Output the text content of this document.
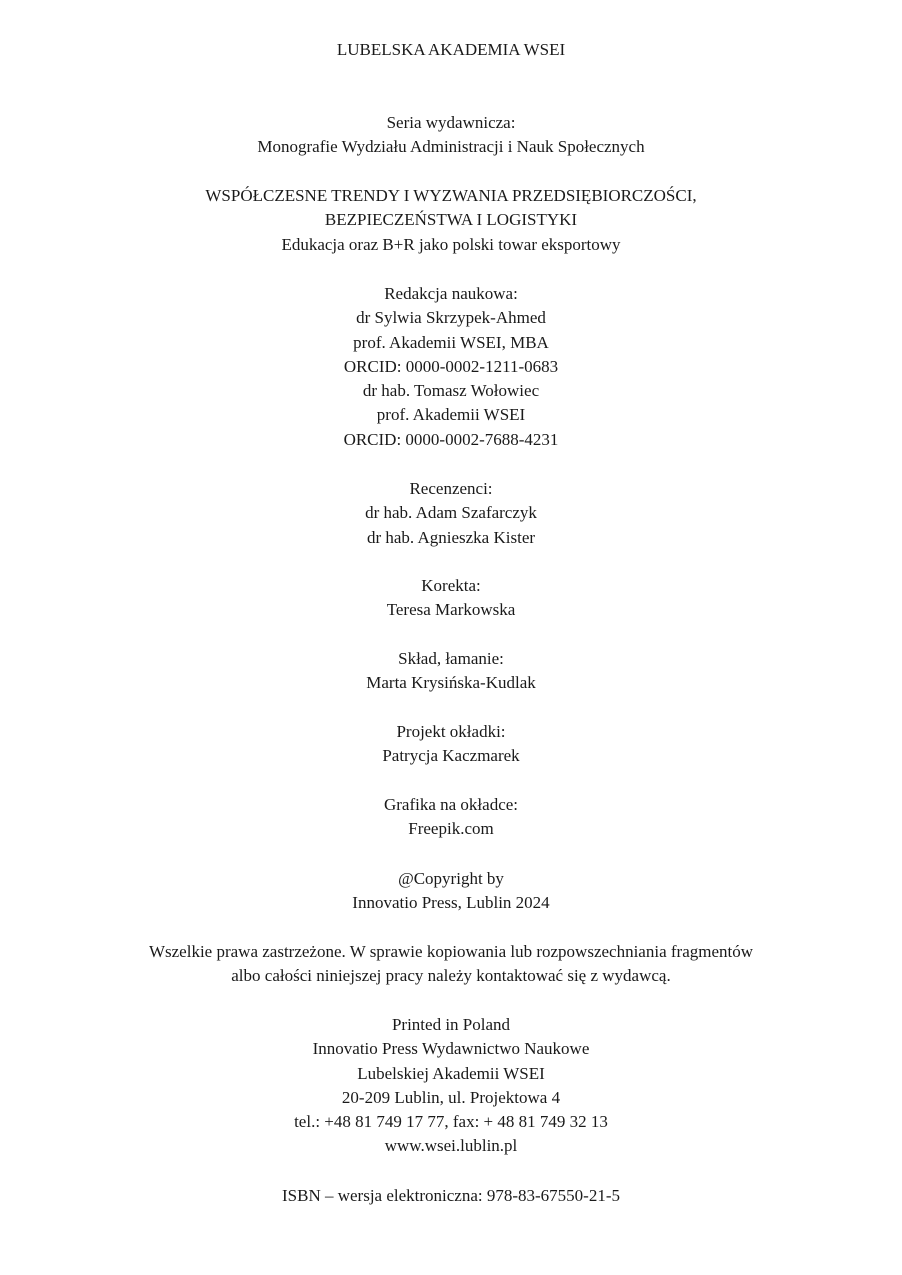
LUBELSKA AKADEMIA WSEI
Seria wydawnicza:
Monografie Wydziału Administracji i Nauk Społecznych
WSPÓŁCZESNE TRENDY I WYZWANIA PRZEDSIĘBIORCZOŚCI,
BEZPIECZEŃSTWA I LOGISTYKI
Edukacja oraz B+R jako polski towar eksportowy
Redakcja naukowa:
dr Sylwia Skrzypek-Ahmed
prof. Akademii WSEI, MBA
ORCID: 0000-0002-1211-0683
dr hab. Tomasz Wołowiec
prof. Akademii WSEI
ORCID: 0000-0002-7688-4231
Recenzenci:
dr hab. Adam Szafarczyk
dr hab. Agnieszka Kister
Korekta:
Teresa Markowska
Skład, łamanie:
Marta Krysińska-Kudlak
Projekt okładki:
Patrycja Kaczmarek
Grafika na okładce:
Freepik.com
@Copyright by
Innovatio Press, Lublin 2024
Wszelkie prawa zastrzeżone. W sprawie kopiowania lub rozpowszechniania fragmentów
albo całości niniejszej pracy należy kontaktować się z wydawcą.
Printed in Poland
Innovatio Press Wydawnictwo Naukowe
Lubelskiej Akademii WSEI
20-209 Lublin, ul. Projektowa 4
tel.: +48 81 749 17 77, fax: + 48 81 749 32 13
www.wsei.lublin.pl
ISBN – wersja elektroniczna: 978-83-67550-21-5
